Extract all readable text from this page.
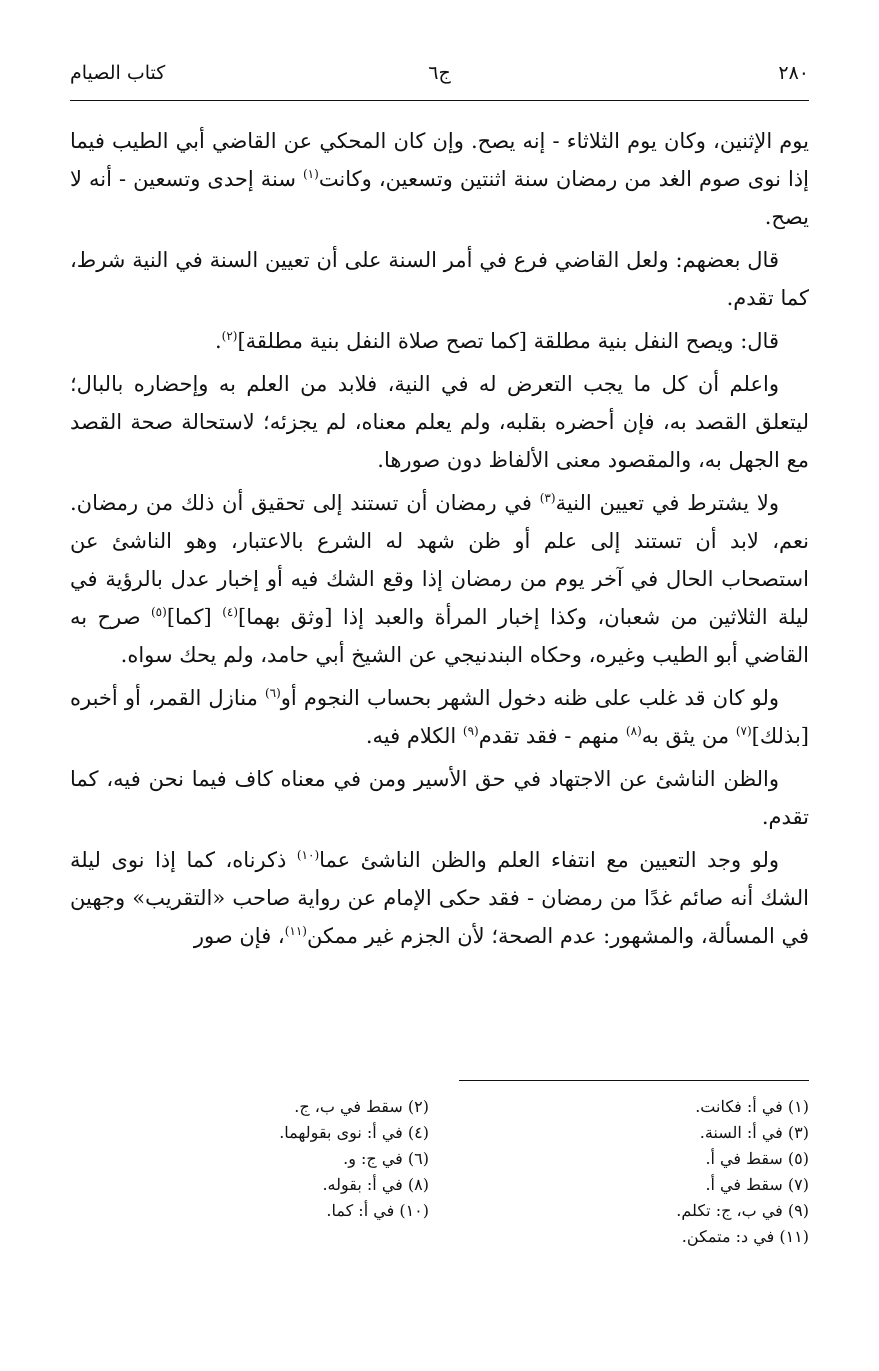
٢٨٠
ج٦
كتاب الصيام

يوم الإثنين، وكان يوم الثلاثاء - إنه يصح. وإن كان المحكي عن القاضي أبي الطيب فيما إذا نوى صوم الغد من رمضان سنة اثنتين وتسعين، وكانت$^{(١)}$ سنة إحدى وتسعين - أنه لا يصح.

قال بعضهم: ولعل القاضي فرع في أمر السنة على أن تعيين السنة في النية شرط، كما تقدم.

قال: ويصح النفل بنية مطلقة [كما تصح صلاة النفل بنية مطلقة]$^{(٢)}$.

واعلم أن كل ما يجب التعرض له في النية، فلابد من العلم به وإحضاره بالبال؛ ليتعلق القصد به، فإن أحضره بقلبه، ولم يعلم معناه، لم يجزئه؛ لاستحالة صحة القصد مع الجهل به، والمقصود معنى الألفاظ دون صورها.

ولا يشترط في تعيين النية$^{(٣)}$ في رمضان أن تستند إلى تحقيق أن ذلك من رمضان. نعم، لابد أن تستند إلى علم أو ظن شهد له الشرع بالاعتبار، وهو الناشئ عن استصحاب الحال في آخر يوم من رمضان إذا وقع الشك فيه أو إخبار عدل بالرؤية في ليلة الثلاثين من شعبان، وكذا إخبار المرأة والعبد إذا [وثق بهما]$^{(٤)}$ [كما]$^{(٥)}$ صرح به القاضي أبو الطيب وغيره، وحكاه البندنيجي عن الشيخ أبي حامد، ولم يحك سواه.

ولو كان قد غلب على ظنه دخول الشهر بحساب النجوم أو$^{(٦)}$ منازل القمر، أو أخبره [بذلك]$^{(٧)}$ من يثق به$^{(٨)}$ منهم - فقد تقدم$^{(٩)}$ الكلام فيه.

والظن الناشئ عن الاجتهاد في حق الأسير ومن في معناه كاف فيما نحن فيه، كما تقدم.

ولو وجد التعيين مع انتفاء العلم والظن الناشئ عما$^{(١٠)}$ ذكرناه، كما إذا نوى ليلة الشك أنه صائم غدًا من رمضان - فقد حكى الإمام عن رواية صاحب «التقريب» وجهين في المسألة، والمشهور: عدم الصحة؛ لأن الجزم غير ممكن$^{(١١)}$، فإن صور

(١) في أ: فكانت.
(٣) في أ: السنة.
(٥) سقط في أ.
(٧) سقط في أ.
(٩) في ب، ج: تكلم.
(١١) في د: متمكن.
(٢) سقط في ب، ج.
(٤) في أ: نوى بقولهما.
(٦) في ج: و.
(٨) في أ: بقوله.
(١٠) في أ: كما.
